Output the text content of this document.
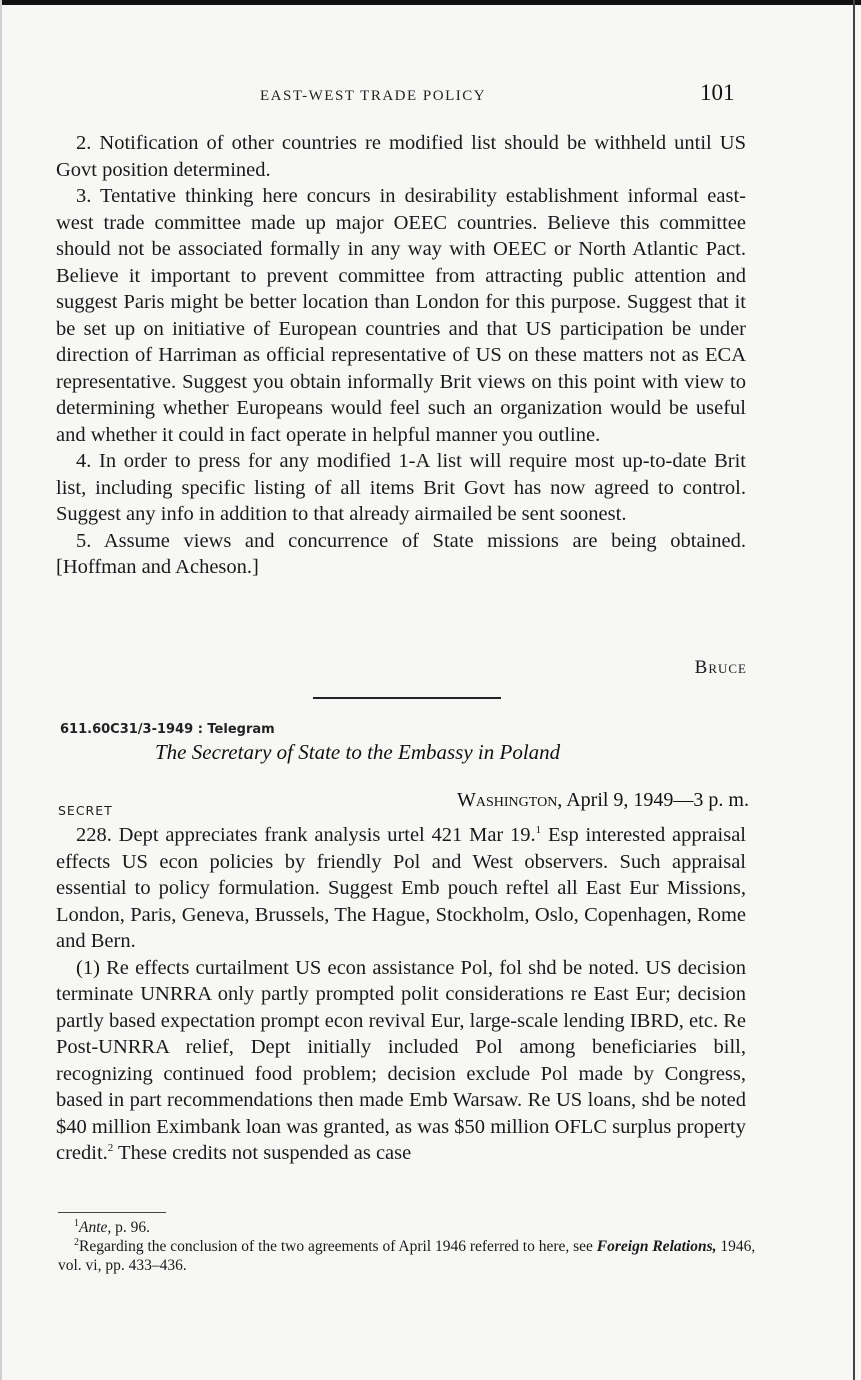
EAST-WEST TRADE POLICY	101

2. Notification of other countries re modified list should be withheld until US Govt position determined.

3. Tentative thinking here concurs in desirability establishment informal east-west trade committee made up major OEEC countries. Believe this committee should not be associated formally in any way with OEEC or North Atlantic Pact. Believe it important to prevent committee from attracting public attention and suggest Paris might be better location than London for this purpose. Suggest that it be set up on initiative of European countries and that US participation be under direction of Harriman as official representative of US on these matters not as ECA representative. Suggest you obtain informally Brit views on this point with view to determining whether Europeans would feel such an organization would be useful and whether it could in fact operate in helpful manner you outline.

4. In order to press for any modified 1-A list will require most up-to-date Brit list, including specific listing of all items Brit Govt has now agreed to control. Suggest any info in addition to that already airmailed be sent soonest.

5. Assume views and concurrence of State missions are being obtained. [Hoffman and Acheson.]

Bruce
611.60C31/3-1949 : Telegram
The Secretary of State to the Embassy in Poland
SECRET	Washington, April 9, 1949—3 p. m.

228. Dept appreciates frank analysis urtel 421 Mar 19.$^1$ Esp interested appraisal effects US econ policies by friendly Pol and West observers. Such appraisal essential to policy formulation. Suggest Emb pouch reftel all East Eur Missions, London, Paris, Geneva, Brussels, The Hague, Stockholm, Oslo, Copenhagen, Rome and Bern.

(1) Re effects curtailment US econ assistance Pol, fol shd be noted. US decision terminate UNRRA only partly prompted polit considerations re East Eur; decision partly based expectation prompt econ revival Eur, large-scale lending IBRD, etc. Re Post-UNRRA relief, Dept initially included Pol among beneficiaries bill, recognizing continued food problem; decision exclude Pol made by Congress, based in part recommendations then made Emb Warsaw. Re US loans, shd be noted $40 million Eximbank loan was granted, as was $50 million OFLC surplus property credit.$^2$ These credits not suspended as case

$^1$Ante, p. 96.

$^2$Regarding the conclusion of the two agreements of April 1946 referred to here, see Foreign Relations, 1946, vol. vi, pp. 433–436.
